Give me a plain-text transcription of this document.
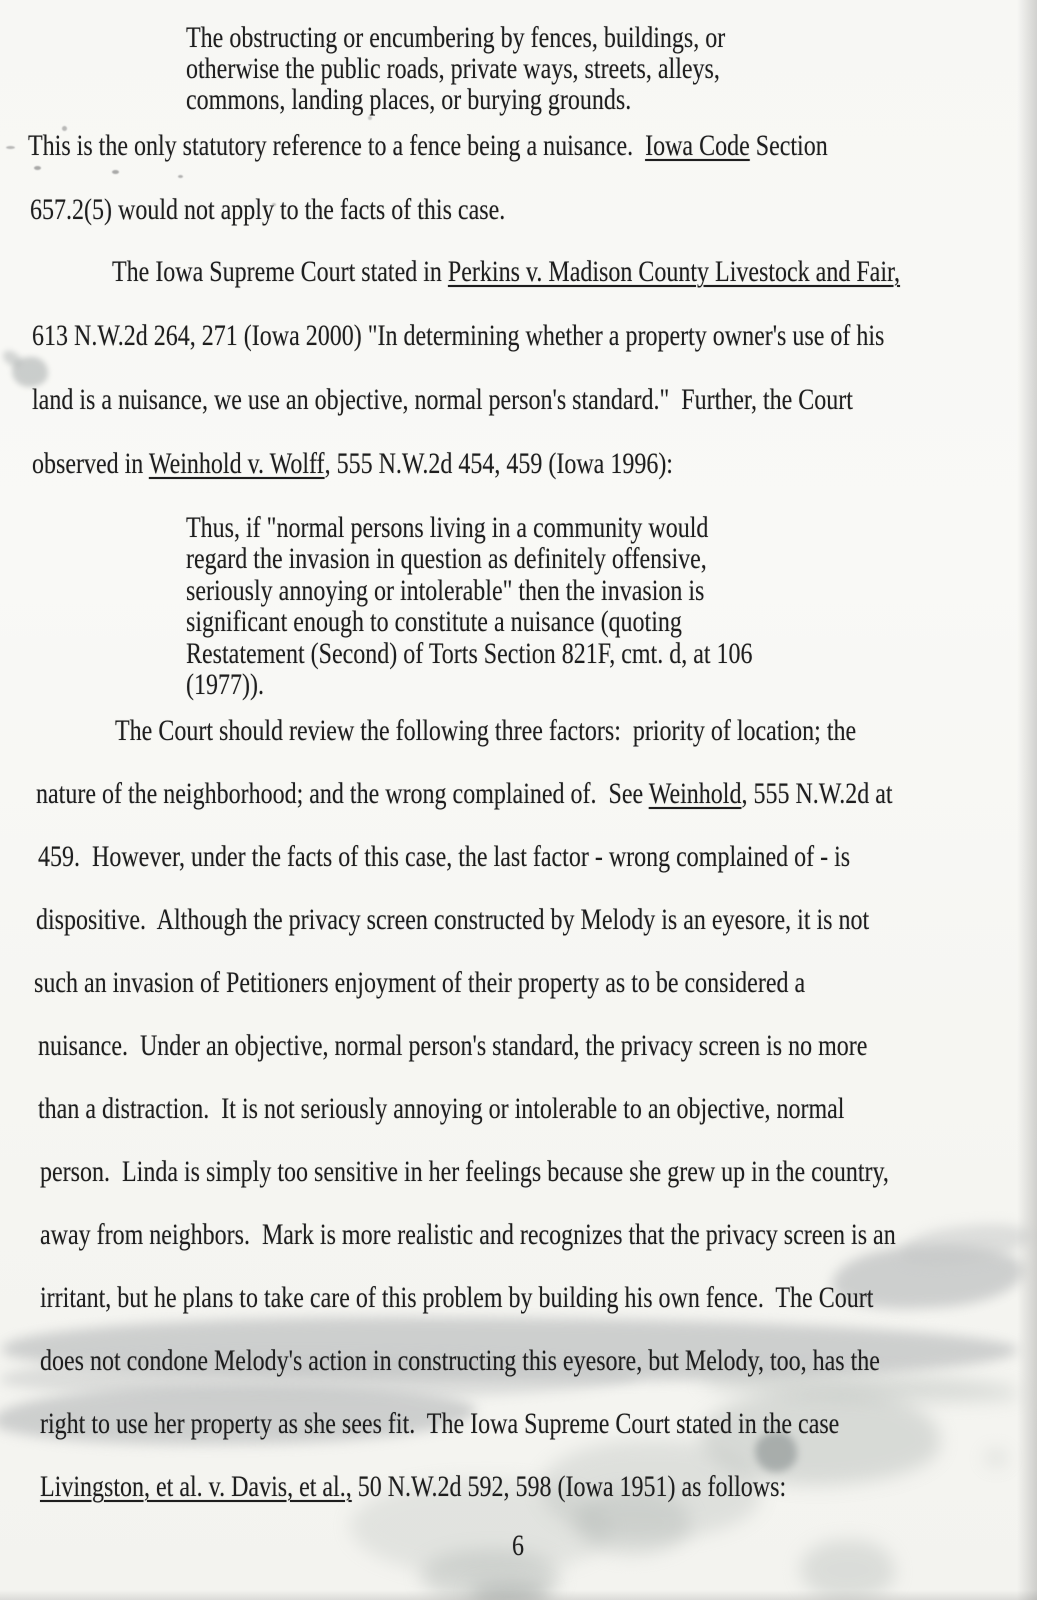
The obstructing or encumbering by fences, buildings, or
otherwise the public roads, private ways, streets, alleys,
commons, landing places, or burying grounds.
This is the only statutory reference to a fence being a nuisance.  Iowa Code Section
657.2(5) would not apply to the facts of this case.
The Iowa Supreme Court stated in Perkins v. Madison County Livestock and Fair,
613 N.W.2d 264, 271 (Iowa 2000) "In determining whether a property owner's use of his
land is a nuisance, we use an objective, normal person's standard."  Further, the Court
observed in Weinhold v. Wolff, 555 N.W.2d 454, 459 (Iowa 1996):
Thus, if "normal persons living in a community would
regard the invasion in question as definitely offensive,
seriously annoying or intolerable" then the invasion is
significant enough to constitute a nuisance (quoting
Restatement (Second) of Torts Section 821F, cmt. d, at 106
(1977)).
The Court should review the following three factors:  priority of location; the
nature of the neighborhood; and the wrong complained of.  See Weinhold, 555 N.W.2d at
459.  However, under the facts of this case, the last factor - wrong complained of - is
dispositive.  Although the privacy screen constructed by Melody is an eyesore, it is not
such an invasion of Petitioners enjoyment of their property as to be considered a
nuisance.  Under an objective, normal person's standard, the privacy screen is no more
than a distraction.  It is not seriously annoying or intolerable to an objective, normal
person.  Linda is simply too sensitive in her feelings because she grew up in the country,
away from neighbors.  Mark is more realistic and recognizes that the privacy screen is an
irritant, but he plans to take care of this problem by building his own fence.  The Court
does not condone Melody's action in constructing this eyesore, but Melody, too, has the
right to use her property as she sees fit.  The Iowa Supreme Court stated in the case
Livingston, et al. v. Davis, et al., 50 N.W.2d 592, 598 (Iowa 1951) as follows:
6
